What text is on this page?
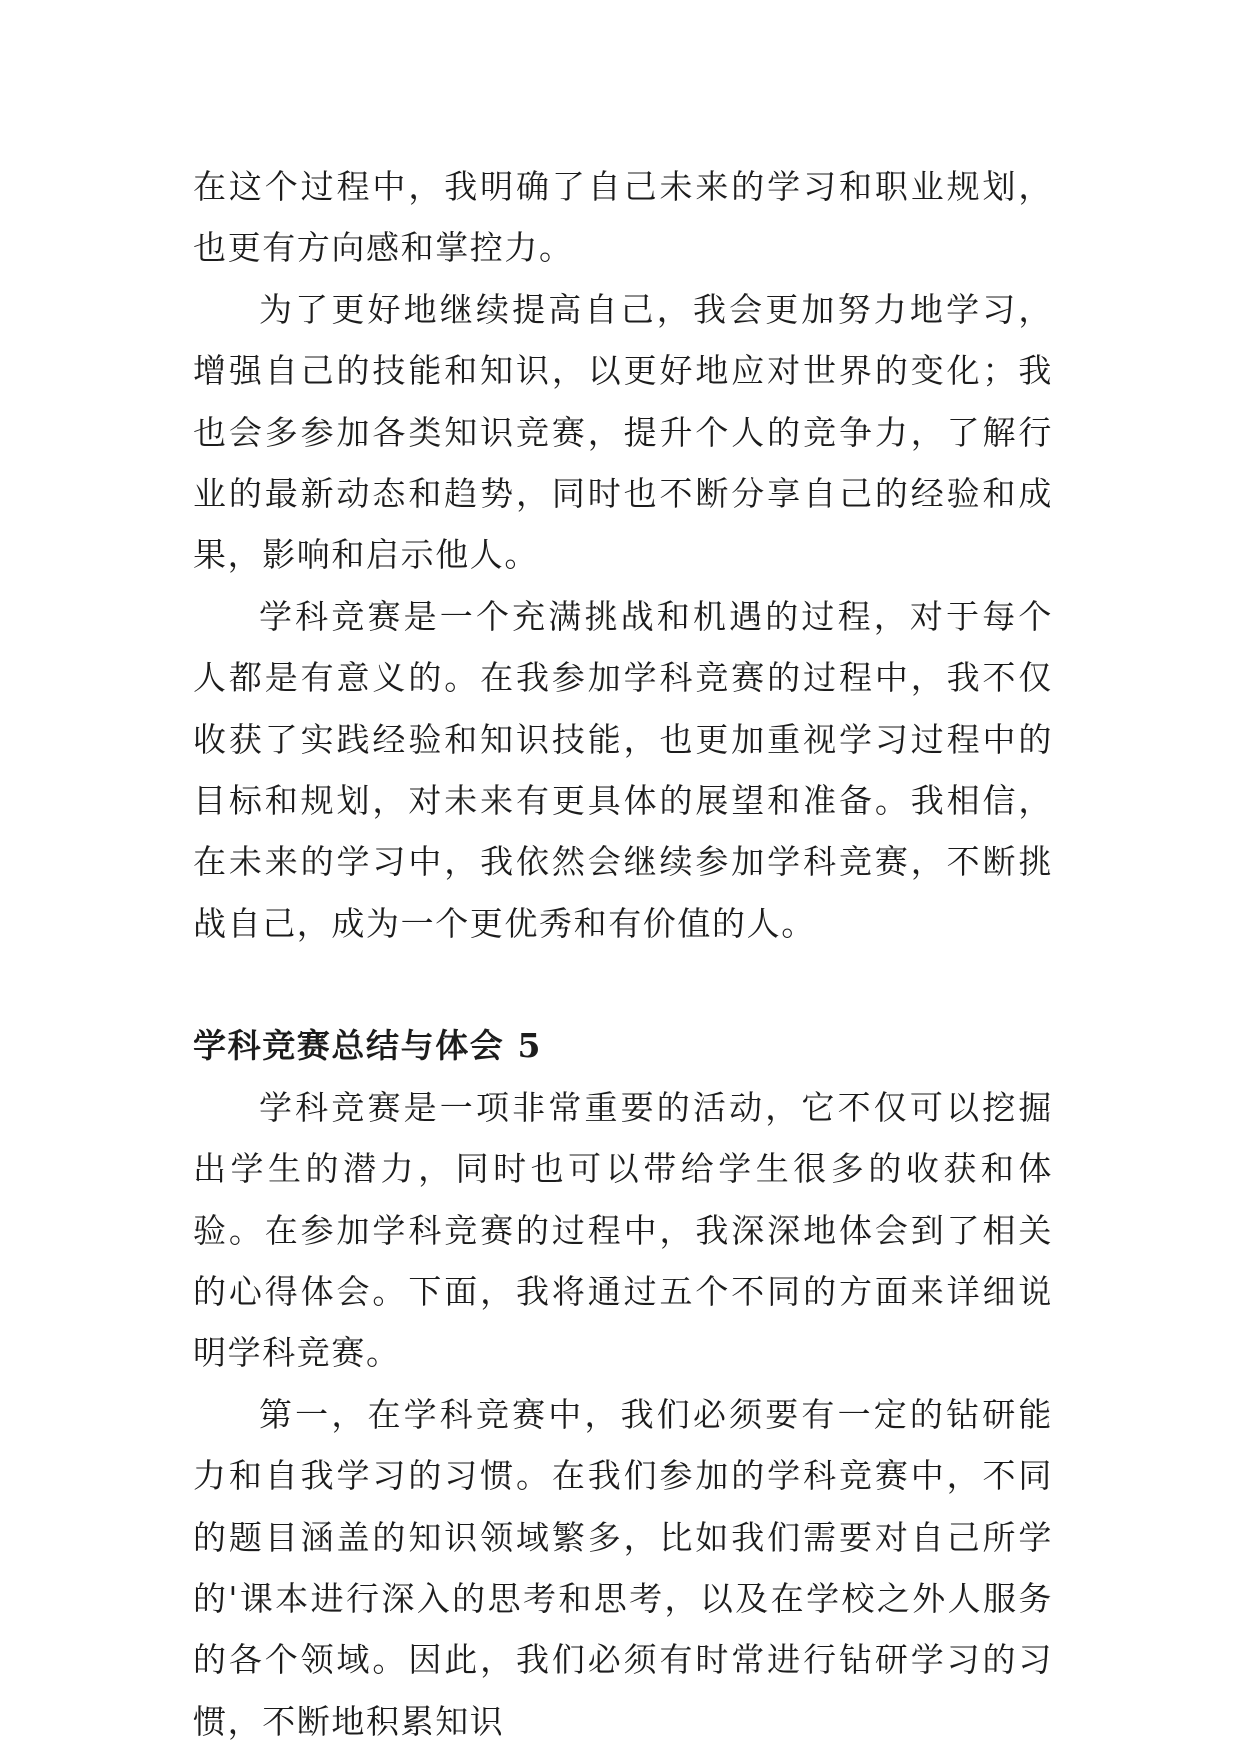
在这个过程中，我明确了自己未来的学习和职业规划，也更有方向感和掌控力。

为了更好地继续提高自己，我会更加努力地学习，增强自己的技能和知识，以更好地应对世界的变化；我也会多参加各类知识竞赛，提升个人的竞争力，了解行业的最新动态和趋势，同时也不断分享自己的经验和成果，影响和启示他人。

学科竞赛是一个充满挑战和机遇的过程，对于每个人都是有意义的。在我参加学科竞赛的过程中，我不仅收获了实践经验和知识技能，也更加重视学习过程中的目标和规划，对未来有更具体的展望和准备。我相信，在未来的学习中，我依然会继续参加学科竞赛，不断挑战自己，成为一个更优秀和有价值的人。

学科竞赛总结与体会 5

学科竞赛是一项非常重要的活动，它不仅可以挖掘出学生的潜力，同时也可以带给学生很多的收获和体验。在参加学科竞赛的过程中，我深深地体会到了相关的心得体会。下面，我将通过五个不同的方面来详细说明学科竞赛。

第一，在学科竞赛中，我们必须要有一定的钻研能力和自我学习的习惯。在我们参加的学科竞赛中，不同的题目涵盖的知识领域繁多，比如我们需要对自己所学的'课本进行深入的思考和思考，以及在学校之外人服务的各个领域。因此，我们必须有时常进行钻研学习的习惯，不断地积累知识
